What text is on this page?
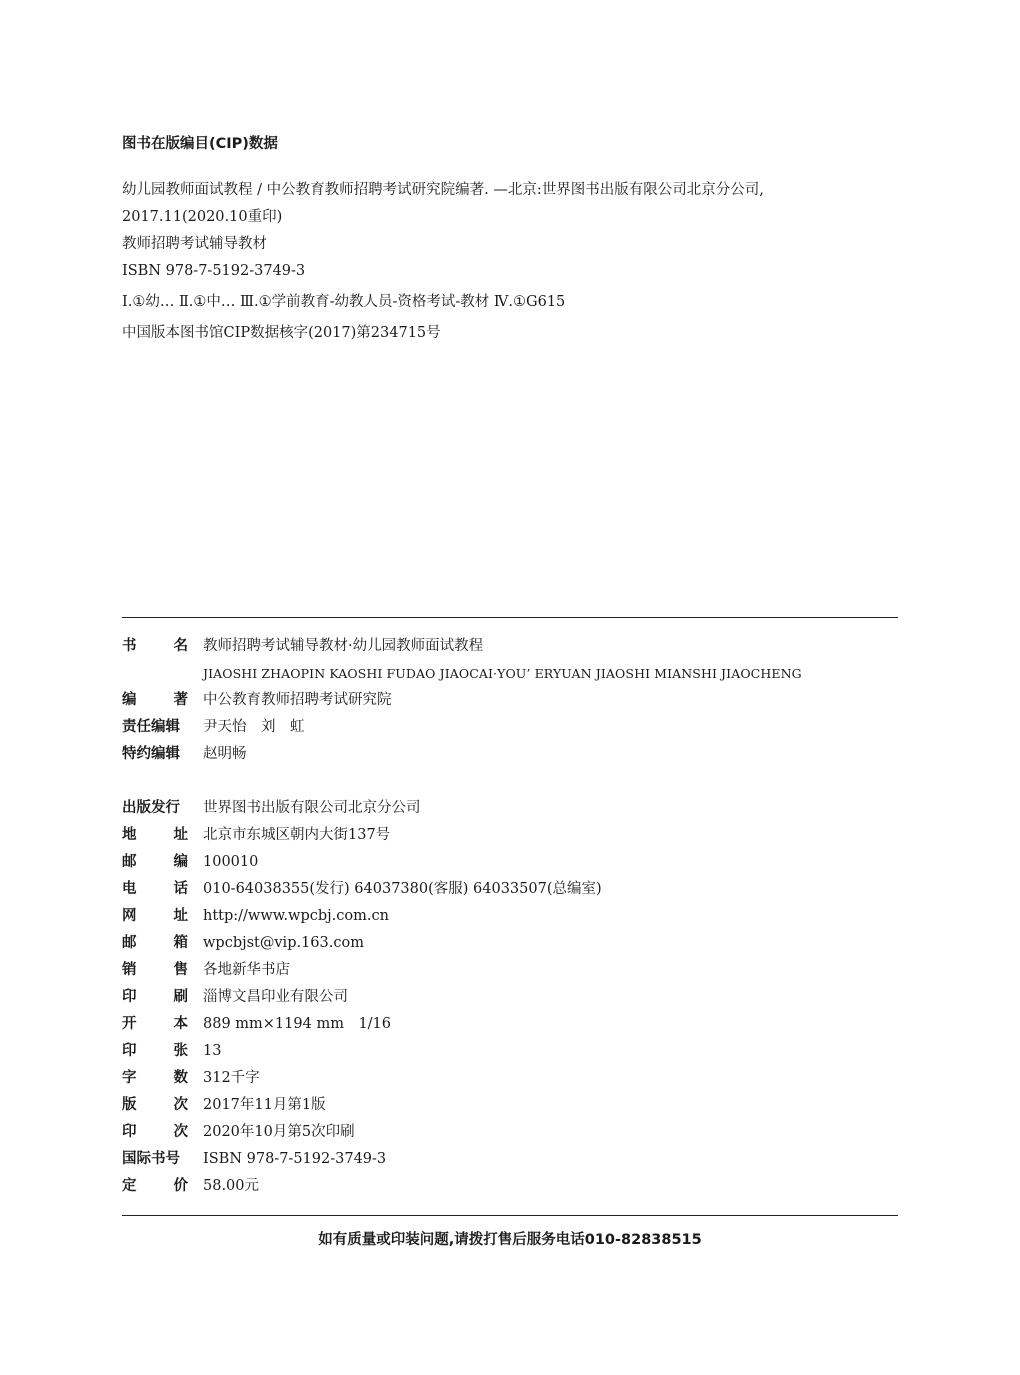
图书在版编目(CIP)数据
幼儿园教师面试教程 / 中公教育教师招聘考试研究院编著. —北京:世界图书出版有限公司北京分公司,
2017.11(2020.10重印)
教师招聘考试辅导教材
ISBN 978-7-5192-3749-3
Ⅰ.①幼… Ⅱ.①中… Ⅲ.①学前教育-幼教人员-资格考试-教材 Ⅳ.①G615
中国版本图书馆CIP数据核字(2017)第234715号
书	名 教师招聘考试辅导教材·幼儿园教师面试教程
JIAOSHI ZHAOPIN KAOSHI FUDAO JIAOCAI·YOU’ ERYUAN JIAOSHI MIANSHI JIAOCHENG
编	著 中公教育教师招聘考试研究院
责任编辑	尹天怡　刘　虹
特约编辑	赵明畅
出版发行	世界图书出版有限公司北京分公司
地	址 北京市东城区朝内大街137号
邮	编 100010
电	话 010-64038355(发行) 64037380(客服) 64033507(总编室)
网	址 http://www.wpcbj.com.cn
邮	箱 wpcbjst@vip.163.com
销	售 各地新华书店
印	刷 淄博文昌印业有限公司
开	本 889 mm×1194 mm　1/16
印	张 13
字	数 312千字
版	次 2017年11月第1版
印	次 2020年10月第5次印刷
国际书号	ISBN 978-7-5192-3749-3
定	价 58.00元
如有质量或印装问题,请拨打售后服务电话010-82838515
